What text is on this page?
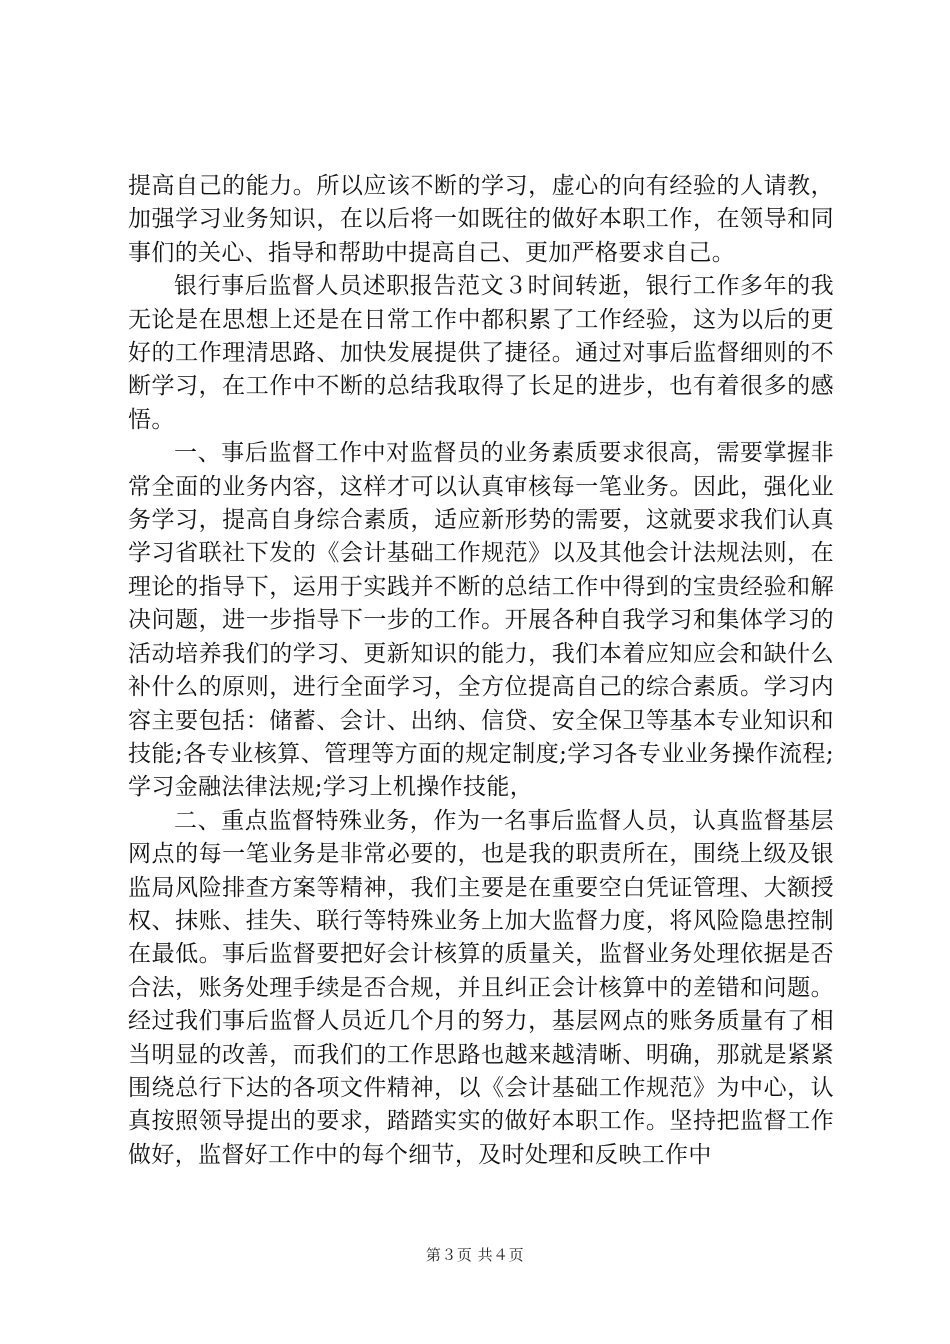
提高自己的能力。所以应该不断的学习，虚心的向有经验的人请教，加强学习业务知识，在以后将一如既往的做好本职工作，在领导和同事们的关心、指导和帮助中提高自己、更加严格要求自己。

银行事后监督人员述职报告范文３时间转逝，银行工作多年的我无论是在思想上还是在日常工作中都积累了工作经验，这为以后的更好的工作理清思路、加快发展提供了捷径。通过对事后监督细则的不断学习，在工作中不断的总结我取得了长足的进步，也有着很多的感悟。

一、事后监督工作中对监督员的业务素质要求很高，需要掌握非常全面的业务内容，这样才可以认真审核每一笔业务。因此，强化业务学习，提高自身综合素质，适应新形势的需要，这就要求我们认真学习省联社下发的《会计基础工作规范》以及其他会计法规法则，在理论的指导下，运用于实践并不断的总结工作中得到的宝贵经验和解决问题，进一步指导下一步的工作。开展各种自我学习和集体学习的活动培养我们的学习、更新知识的能力，我们本着应知应会和缺什么补什么的原则，进行全面学习，全方位提高自己的综合素质。学习内容主要包括：储蓄、会计、出纳、信贷、安全保卫等基本专业知识和技能;各专业核算、管理等方面的规定制度;学习各专业业务操作流程;学习金融法律法规;学习上机操作技能，

二、重点监督特殊业务，作为一名事后监督人员，认真监督基层网点的每一笔业务是非常必要的，也是我的职责所在，围绕上级及银监局风险排查方案等精神，我们主要是在重要空白凭证管理、大额授权、抹账、挂失、联行等特殊业务上加大监督力度，将风险隐患控制在最低。事后监督要把好会计核算的质量关，监督业务处理依据是否合法，账务处理手续是否合规，并且纠正会计核算中的差错和问题。经过我们事后监督人员近几个月的努力，基层网点的账务质量有了相当明显的改善，而我们的工作思路也越来越清晰、明确，那就是紧紧围绕总行下达的各项文件精神，以《会计基础工作规范》为中心，认真按照领导提出的要求，踏踏实实的做好本职工作。坚持把监督工作做好，监督好工作中的每个细节，及时处理和反映工作中

第３页 共４页
